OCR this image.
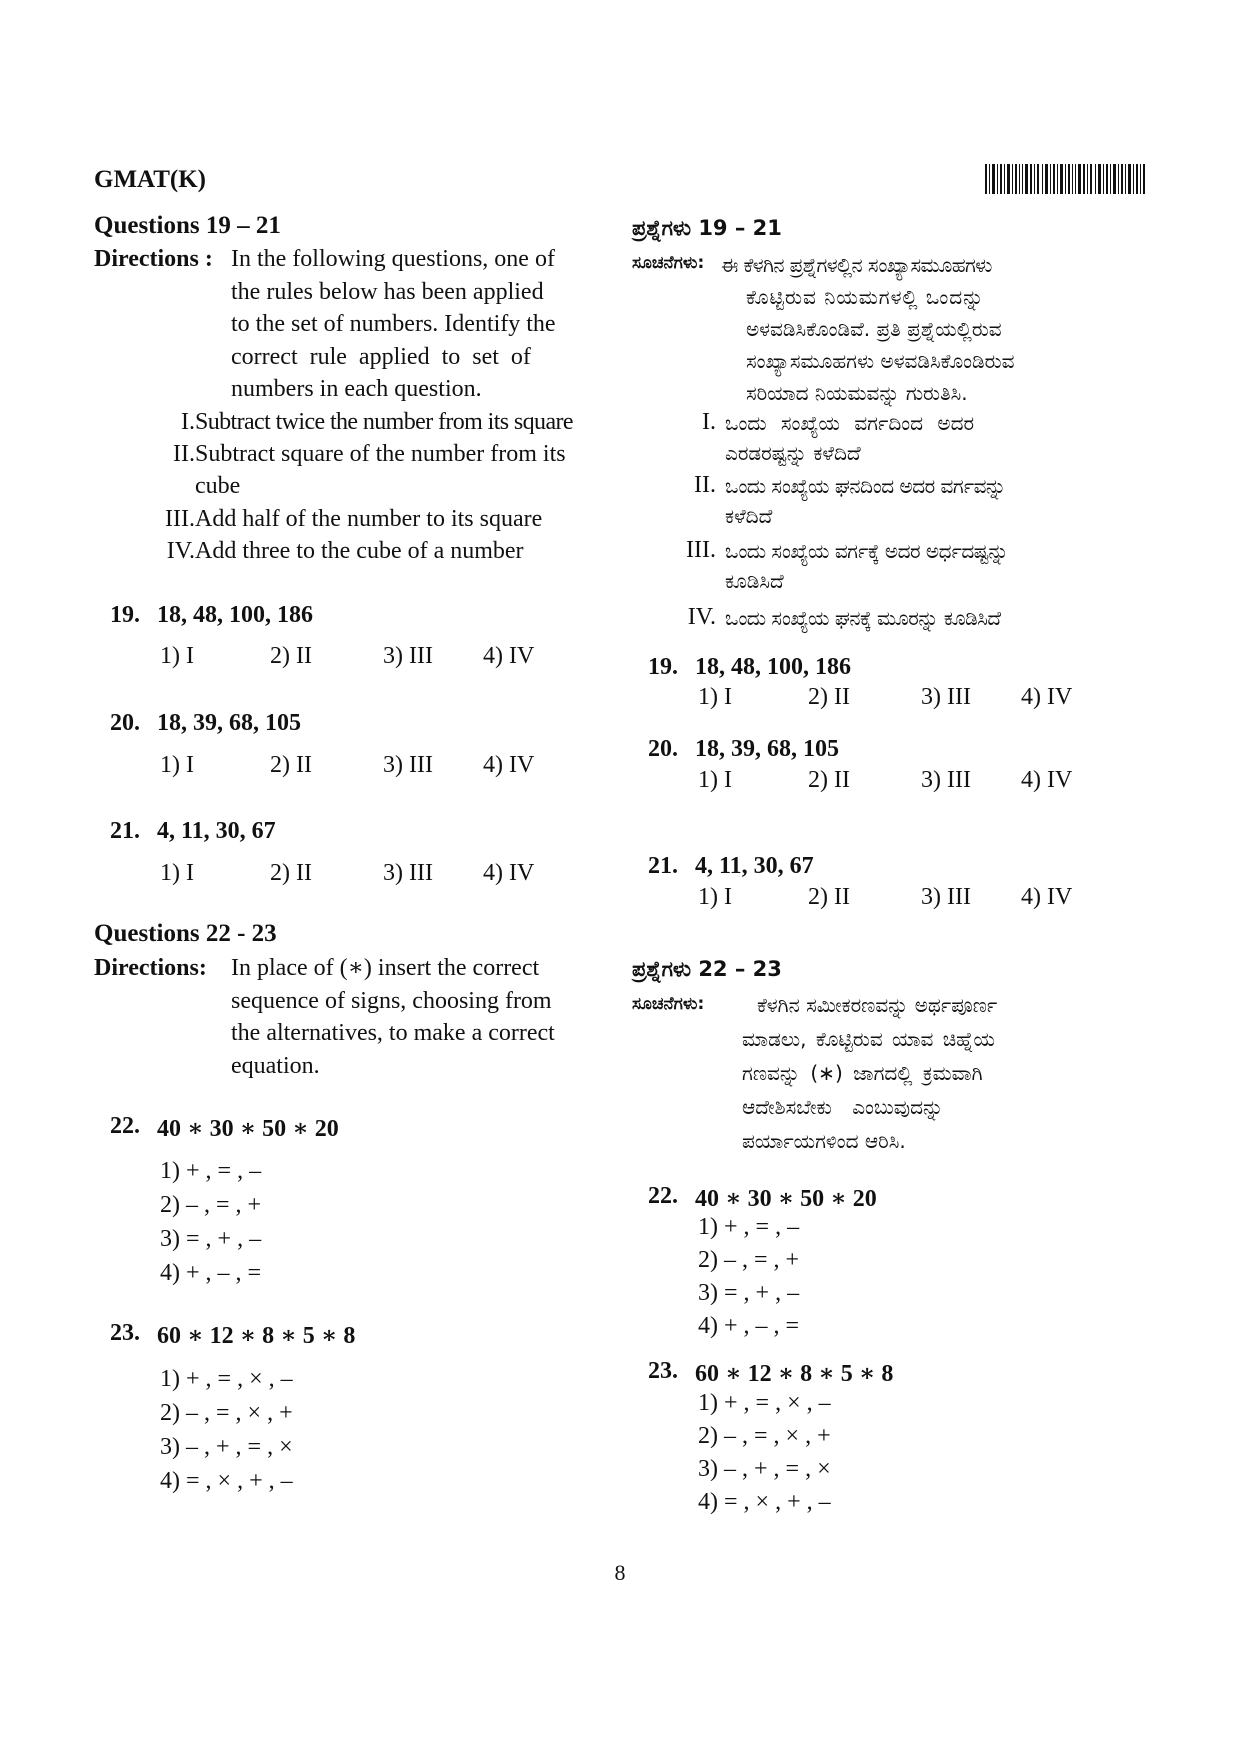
GMAT(K)
Questions 19 – 21
Directions : In the following questions, one of
the rules below has been applied
to the set of numbers. Identify the
correct rule applied to set of
numbers in each question.
I. Subtract twice the number from its square
II. Subtract square of the number from its
cube
III. Add half of the number to its square
IV. Add three to the cube of a number
19. 18, 48, 100, 186
1) I	2) II	3) III 4) IV
20. 18, 39, 68, 105
1) I	2) II	3) III 4) IV
21. 4, 11, 30, 67
1) I	2) II	3) III 4) IV
Questions 22 - 23
Directions: In place of (∗) insert the correct
sequence of signs, choosing from
the alternatives, to make a correct
equation.
22. 40 ∗ 30 ∗ 50 ∗ 20
1) + , = , –
2) – , = , +
3) = , + , –
4) + , – , =
23. 60 ∗ 12 ∗ 8 ∗ 5 ∗ 8
1) + , = , × , –
2) – , = , × , +
3) – , + , = , ×
4) = , × , + , –
ಪ್ರಶ್ನೆಗಳು 19 – 21
ಸೂಚನೆಗಳು: ಈ ಕೆಳಗಿನ ಪ್ರಶ್ನೆಗಳಲ್ಲಿನ ಸಂಖ್ಯಾಸಮೂಹಗಳು
ಕೊಟ್ಟಿರುವ ನಿಯಮಗಳಲ್ಲಿ ಒಂದನ್ನು
ಅಳವಡಿಸಿಕೊಂಡಿವೆ. ಪ್ರತಿ ಪ್ರಶ್ನೆಯಲ್ಲಿರುವ
ಸಂಖ್ಯಾಸಮೂಹಗಳು ಅಳವಡಿಸಿಕೊಂಡಿರುವ
ಸರಿಯಾದ ನಿಯಮವನ್ನು ಗುರುತಿಸಿ.
I. ಒಂದು ಸಂಖ್ಯೆಯ ವರ್ಗದಿಂದ ಅದರ
ಎರಡರಷ್ಟನ್ನು ಕಳೆದಿದೆ
II. ಒಂದು ಸಂಖ್ಯೆಯ ಘನದಿಂದ ಅದರ ವರ್ಗವನ್ನು
ಕಳೆದಿದೆ
III. ಒಂದು ಸಂಖ್ಯೆಯ ವರ್ಗಕ್ಕೆ ಅದರ ಅರ್ಧದಷ್ಟನ್ನು
ಕೂಡಿಸಿದೆ
IV. ಒಂದು ಸಂಖ್ಯೆಯ ಘನಕ್ಕೆ ಮೂರನ್ನು ಕೂಡಿಸಿದೆ
19. 18, 48, 100, 186
1) I	2) II	3) III 4) IV
20. 18, 39, 68, 105
1) I	2) II	3) III 4) IV
21. 4, 11, 30, 67
1) I	2) II	3) III 4) IV
ಪ್ರಶ್ನೆಗಳು 22 – 23
ಸೂಚನೆಗಳು:	ಕೆಳಗಿನ ಸಮೀಕರಣವನ್ನು ಅರ್ಥಪೂರ್ಣ
ಮಾಡಲು, ಕೊಟ್ಟಿರುವ ಯಾವ ಚಿಹ್ನೆಯ
ಗಣವನ್ನು (∗) ಜಾಗದಲ್ಲಿ ಕ್ರಮವಾಗಿ
ಆದೇಶಿಸಬೇಕು ಎಂಬುವುದನ್ನು
ಪರ್ಯಾಯಗಳಿಂದ ಆರಿಸಿ.
22. 40 ∗ 30 ∗ 50 ∗ 20
1) + , = , –
2) – , = , +
3) = , + , –
4) + , – , =
23. 60 ∗ 12 ∗ 8 ∗ 5 ∗ 8
1) + , = , × , –
2) – , = , × , +
3) – , + , = , ×
4) = , × , + , –
8
